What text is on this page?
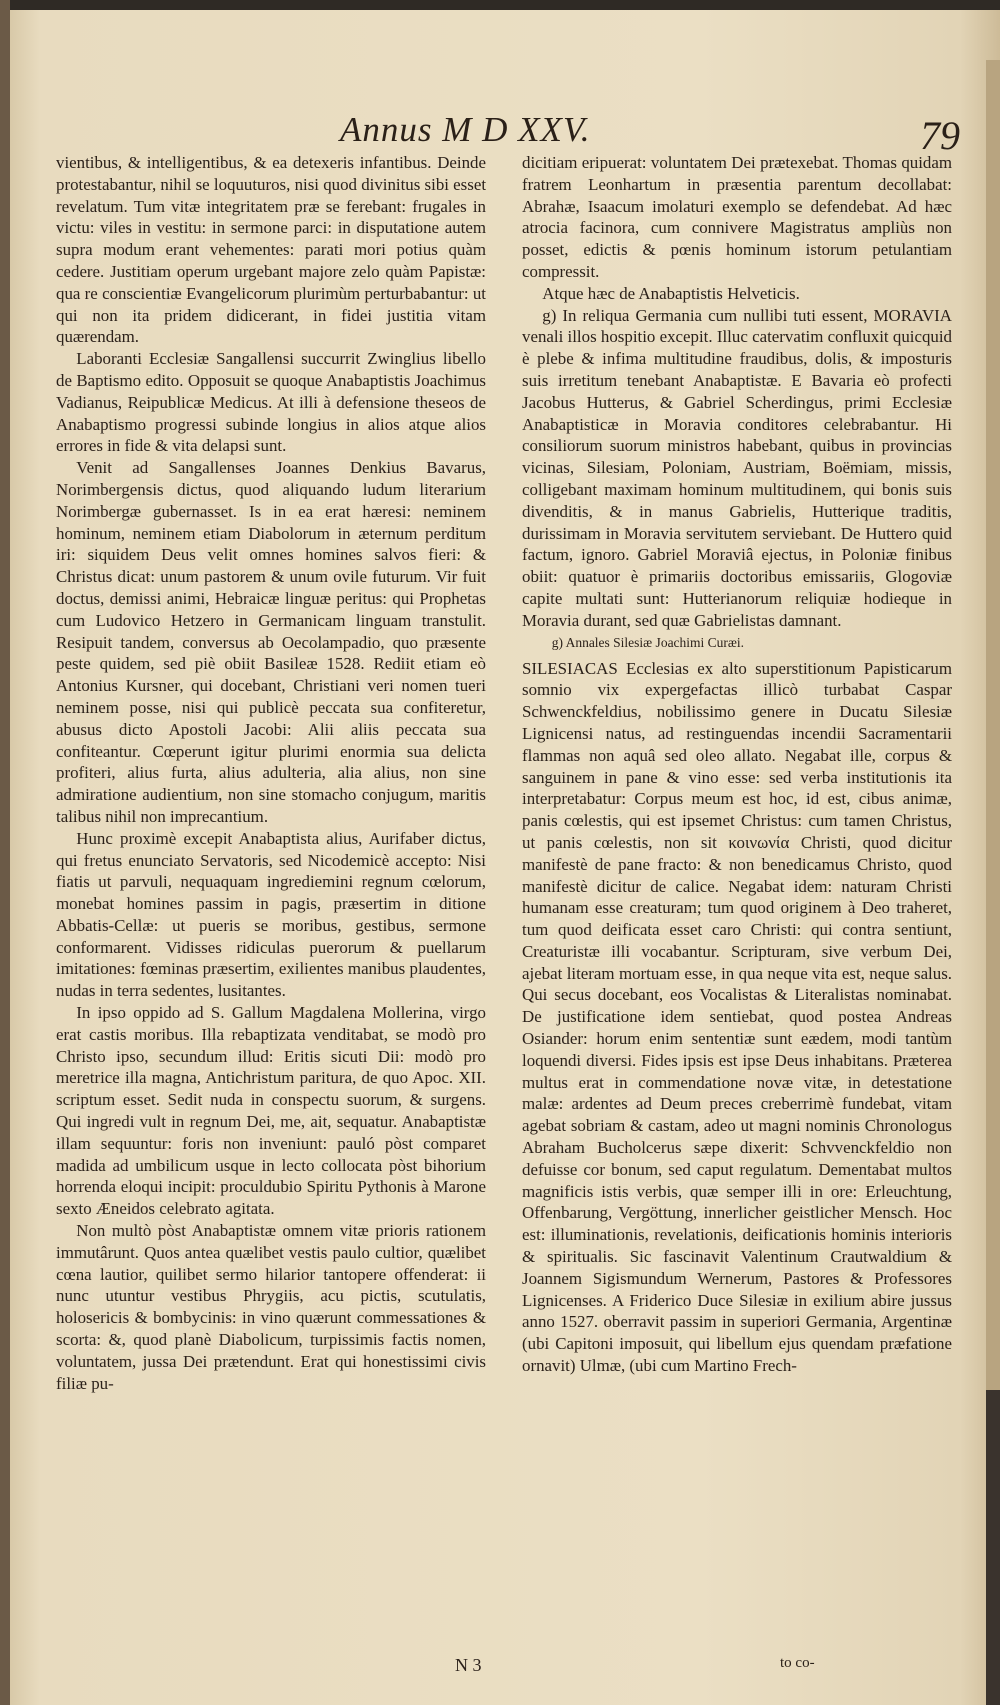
Annus M D XXV.	79

vientibus, & intelligentibus, & ea detexeris infantibus. Deinde protestabantur, nihil se loquuturos, nisi quod divinitus sibi esset revelatum. Tum vitæ integritatem præ se ferebant: frugales in victu: viles in vestitu: in sermone parci: in disputatione autem supra modum erant vehementes: parati mori potius quàm cedere. Justitiam operum urgebant majore zelo quàm Papistæ: qua re conscientiæ Evangelicorum plurimùm perturbabantur: ut qui non ita pridem didicerant, in fidei justitia vitam quærendam.

Laboranti Ecclesiæ Sangallensi succurrit Zwinglius libello de Baptismo edito. Opposuit se quoque Anabaptistis Joachimus Vadianus, Reipublicæ Medicus. At illi à defensione theseos de Anabaptismo progressi subinde longius in alios atque alios errores in fide & vita delapsi sunt.

Venit ad Sangallenses Joannes Denkius Bavarus, Norimbergensis dictus, quod aliquando ludum literarium Norimbergæ gubernasset. Is in ea erat hæresi: neminem hominum, neminem etiam Diabolorum in æternum perditum iri: siquidem Deus velit omnes homines salvos fieri: & Christus dicat: unum pastorem & unum ovile futurum. Vir fuit doctus, demissi animi, Hebraicæ linguæ peritus: qui Prophetas cum Ludovico Hetzero in Germanicam linguam transtulit. Resipuit tandem, conversus ab Oecolampadio, quo præsente peste quidem, sed piè obiit Basileæ 1528. Rediit etiam eò Antonius Kursner, qui docebant, Christiani veri nomen tueri neminem posse, nisi qui publicè peccata sua confiteretur, abusus dicto Apostoli Jacobi: Alii aliis peccata sua confiteantur. Cœperunt igitur plurimi enormia sua delicta profiteri, alius furta, alius adulteria, alia alius, non sine admiratione audientium, non sine stomacho conjugum, maritis talibus nihil non imprecantium.

Hunc proximè excepit Anabaptista alius, Aurifaber dictus, qui fretus enunciato Servatoris, sed Nicodemicè accepto: Nisi fiatis ut parvuli, nequaquam ingrediemini regnum cœlorum, monebat homines passim in pagis, præsertim in ditione Abbatis-Cellæ: ut pueris se moribus, gestibus, sermone conformarent. Vidisses ridiculas puerorum & puellarum imitationes: fœminas præsertim, exilientes manibus plaudentes, nudas in terra sedentes, lusitantes.

In ipso oppido ad S. Gallum Magdalena Mollerina, virgo erat castis moribus. Illa rebaptizata venditabat, se modò pro Christo ipso, secundum illud: Eritis sicuti Dii: modò pro meretrice illa magna, Antichristum paritura, de quo Apoc. XII. scriptum esset. Sedit nuda in conspectu suorum, & surgens. Qui ingredi vult in regnum Dei, me, ait, sequatur. Anabaptistæ illam sequuntur: foris non inveniunt: pauló pòst comparet madida ad umbilicum usque in lecto collocata pòst bihorium horrenda eloqui incipit: proculdubio Spiritu Pythonis à Marone sexto Æneidos celebrato agitata.

Non multò pòst Anabaptistæ omnem vitæ prioris rationem immutârunt. Quos antea quælibet vestis paulo cultior, quælibet cœna lautior, quilibet sermo hilarior tantopere offenderat: ii nunc utuntur vestibus Phrygiis, acu pictis, scutulatis, holosericis & bombycinis: in vino quærunt commessationes & scorta: &, quod planè Diabolicum, turpissimis factis nomen, voluntatem, jussa Dei prætendunt. Erat qui honestissimi civis filiæ pu-

dicitiam eripuerat: voluntatem Dei prætexebat. Thomas quidam fratrem Leonhartum in præsentia parentum decollabat: Abrahæ, Isaacum imolaturi exemplo se defendebat. Ad hæc atrocia facinora, cum connivere Magistratus ampliùs non posset, edictis & pœnis hominum istorum petulantiam compressit.

Atque hæc de Anabaptistis Helveticis.

g) In reliqua Germania cum nullibi tuti essent, MORAVIA venali illos hospitio excepit. Illuc catervatim confluxit quicquid è plebe & infima multitudine fraudibus, dolis, & imposturis suis irretitum tenebant Anabaptistæ. E Bavaria eò profecti Jacobus Hutterus, & Gabriel Scherdingus, primi Ecclesiæ Anabaptisticæ in Moravia conditores celebrabantur. Hi consiliorum suorum ministros habebant, quibus in provincias vicinas, Silesiam, Poloniam, Austriam, Boëmiam, missis, colligebant maximam hominum multitudinem, qui bonis suis divenditis, & in manus Gabrielis, Hutterique traditis, durissimam in Moravia servitutem serviebant. De Huttero quid factum, ignoro. Gabriel Moraviâ ejectus, in Poloniæ finibus obiit: quatuor è primariis doctoribus emissariis, Glogoviæ capite multati sunt: Hutterianorum reliquiæ hodieque in Moravia durant, sed quæ Gabrielistas damnant.

g) Annales Silesiæ Joachimi Curæi.

SILESIACAS Ecclesias ex alto superstitionum Papisticarum somnio vix expergefactas illicò turbabat Caspar Schwenckfeldius, nobilissimo genere in Ducatu Silesiæ Lignicensi natus, ad restinguendas incendii Sacramentarii flammas non aquâ sed oleo allato. Negabat ille, corpus & sanguinem in pane & vino esse: sed verba institutionis ita interpretabatur: Corpus meum est hoc, id est, cibus animæ, panis cœlestis, qui est ipsemet Christus: cum tamen Christus, ut panis cœlestis, non sit κοινωνία Christi, quod dicitur manifestè de pane fracto: & non benedicamus Christo, quod manifestè dicitur de calice. Negabat idem: naturam Christi humanam esse creaturam; tum quod originem à Deo traheret, tum quod deificata esset caro Christi: qui contra sentiunt, Creaturistæ illi vocabantur. Scripturam, sive verbum Dei, ajebat literam mortuam esse, in qua neque vita est, neque salus. Qui secus docebant, eos Vocalistas & Literalistas nominabat. De justificatione idem sentiebat, quod postea Andreas Osiander: horum enim sententiæ sunt eædem, modi tantùm loquendi diversi. Fides ipsis est ipse Deus inhabitans. Præterea multus erat in commendatione novæ vitæ, in detestatione malæ: ardentes ad Deum preces creberrimè fundebat, vitam agebat sobriam & castam, adeo ut magni nominis Chronologus Abraham Bucholcerus sæpe dixerit: Schvvenckfeldio non defuisse cor bonum, sed caput regulatum. Dementabat multos magnificis istis verbis, quæ semper illi in ore: Erleuchtung, Offenbarung, Vergöttung, innerlicher geistlicher Mensch. Hoc est: illuminationis, revelationis, deificationis hominis interioris & spiritualis. Sic fascinavit Valentinum Crautwaldium & Joannem Sigismundum Wernerum, Pastores & Professores Lignicenses. A Friderico Duce Silesiæ in exilium abire jussus anno 1527. oberravit passim in superiori Germania, Argentinæ (ubi Capitoni imposuit, qui libellum ejus quendam præfatione ornavit) Ulmæ, (ubi cum Martino Frech-

N 3	to co-
